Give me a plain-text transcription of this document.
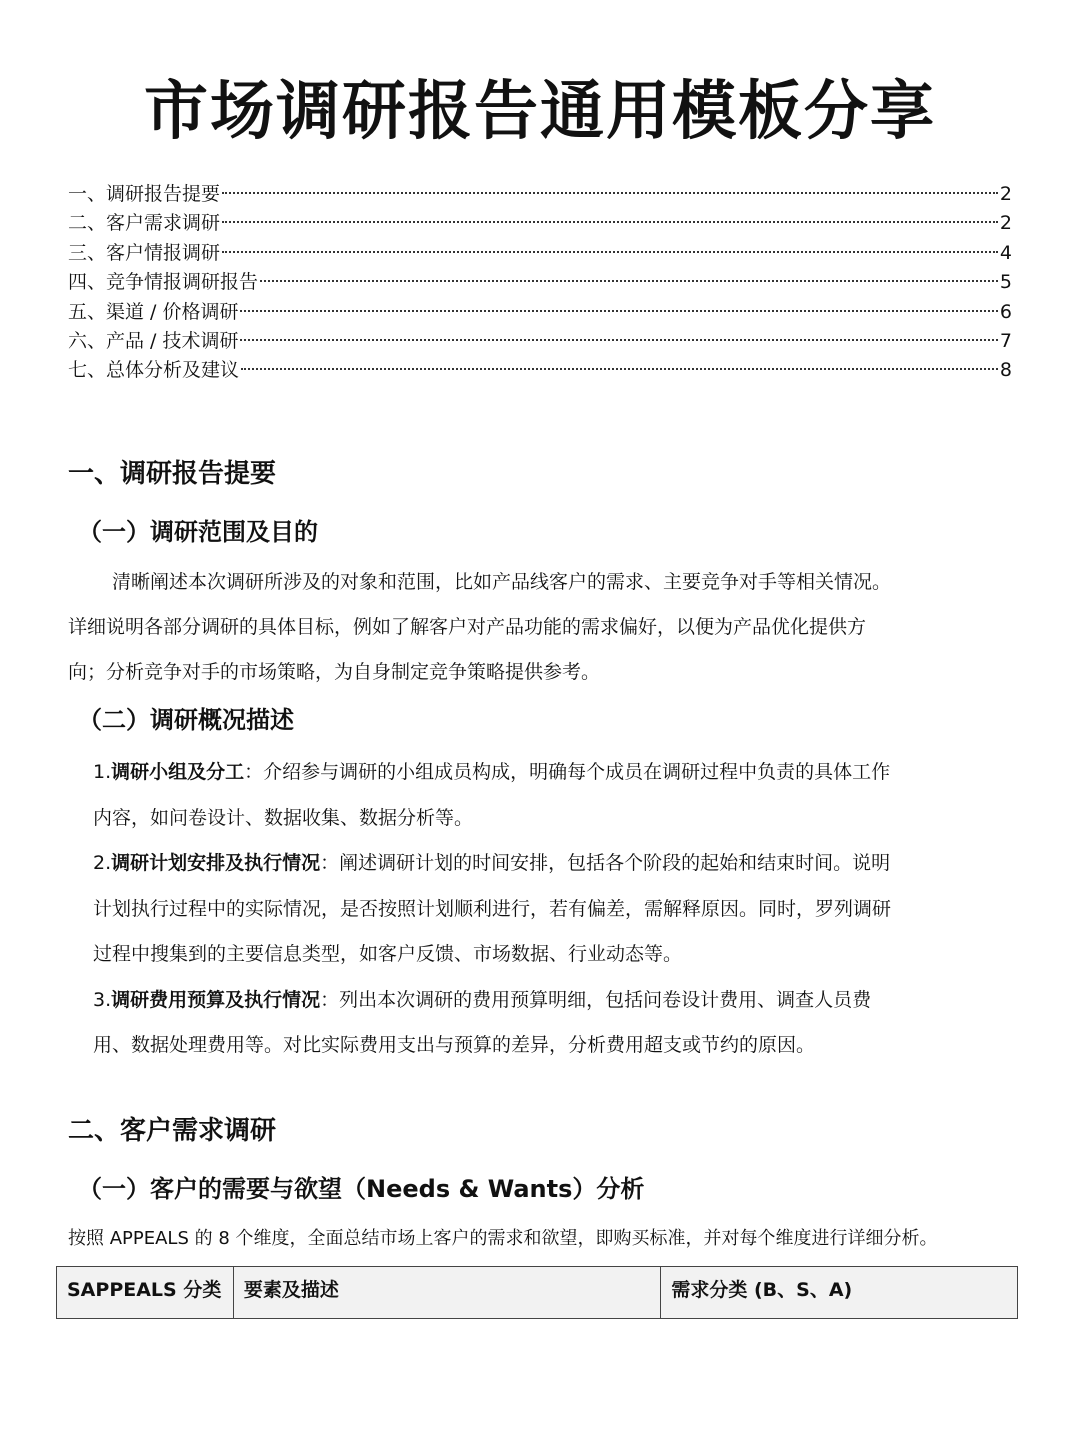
市场调研报告通用模板分享
一、调研报告提要	2
二、客户需求调研	2
三、客户情报调研	4
四、竞争情报调研报告	5
五、渠道 / 价格调研	6
六、产品 / 技术调研	7
七、总体分析及建议	8
一、调研报告提要
（一）调研范围及目的
清晰阐述本次调研所涉及的对象和范围，比如产品线客户的需求、主要竞争对手等相关情况。
详细说明各部分调研的具体目标，例如了解客户对产品功能的需求偏好，以便为产品优化提供方
向；分析竞争对手的市场策略，为自身制定竞争策略提供参考。
（二）调研概况描述
1.调研小组及分工：介绍参与调研的小组成员构成，明确每个成员在调研过程中负责的具体工作
内容，如问卷设计、数据收集、数据分析等。
2.调研计划安排及执行情况：阐述调研计划的时间安排，包括各个阶段的起始和结束时间。说明
计划执行过程中的实际情况，是否按照计划顺利进行，若有偏差，需解释原因。同时，罗列调研
过程中搜集到的主要信息类型，如客户反馈、市场数据、行业动态等。
3.调研费用预算及执行情况：列出本次调研的费用预算明细，包括问卷设计费用、调查人员费
用、数据处理费用等。对比实际费用支出与预算的差异，分析费用超支或节约的原因。
二、客户需求调研
（一）客户的需要与欲望（Needs & Wants）分析
按照 APPEALS 的 8 个维度，全面总结市场上客户的需求和欲望，即购买标准，并对每个维度进行详细分析。
SAPPEALS 分类	要素及描述	需求分类 (B、S、A)
